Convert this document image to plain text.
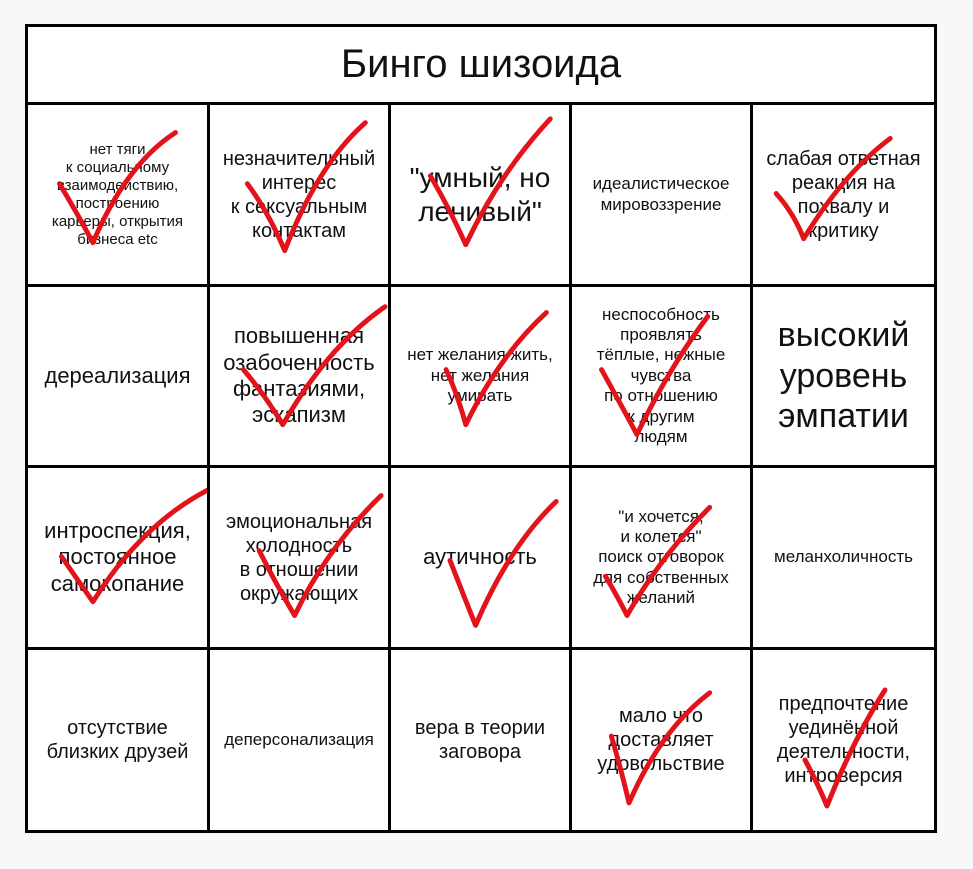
Бинго шизоида
нет тяги
к социальному
взаимодействию,
построению
карьеры, открытия
бизнеса etc
незначительный
интерес
к сексуальным
контактам
"умный, но
ленивый"
идеалистическое
мировоззрение
слабая ответная
реакция на
похвалу и
критику
дереализация
повышенная
озабоченность
фантазиями,
эскапизм
нет желания жить,
нет желания
умирать
неспособность
проявлять
тёплые, нежные
чувства
по отношению
к другим
людям
высокий
уровень
эмпатии
интроспекция,
постоянное
самокопание
эмоциональная
холодность
в отношении
окружающих
аутичность
"и хочется,
и колется"
поиск отговорок
для собственных
желаний
меланхоличность
отсутствие
близких друзей
деперсонализация
вера в теории
заговора
мало что
доставляет
удовольствие
предпочтение
уединённой
деятельности,
интроверсия
